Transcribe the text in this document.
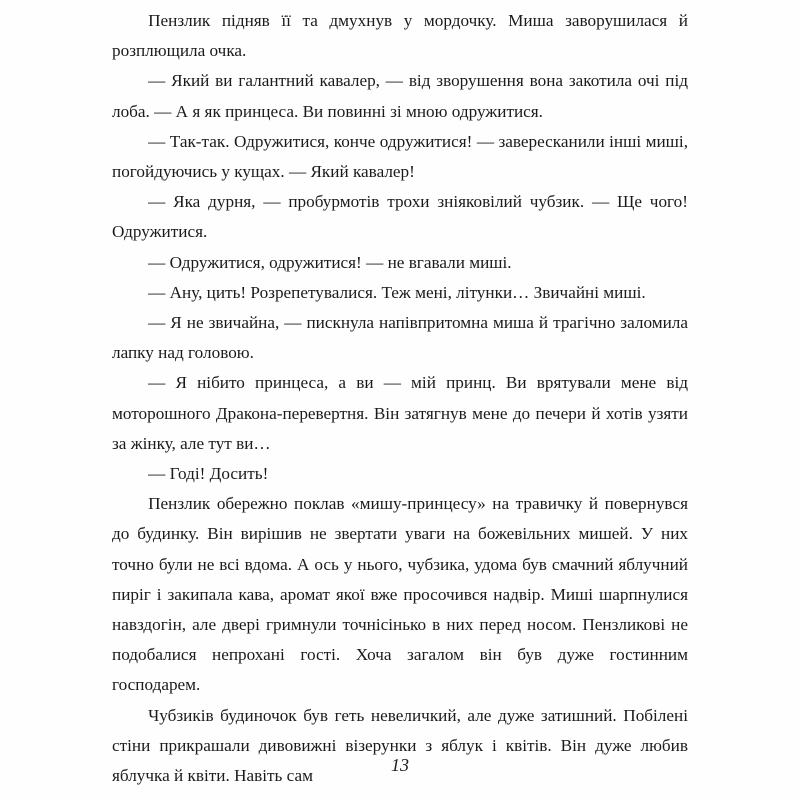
Пензлик підняв її та дмухнув у мордочку. Миша заворушилася й розплющила очка.

— Який ви галантний кавалер, — від зворушення вона закотила очі під лоба. — А я як принцеса. Ви повинні зі мною одружитися.

— Так-так. Одружитися, конче одружитися! — завересканили інші миші, погойдуючись у кущах. — Який кавалер!

— Яка дурня, — пробурмотів трохи зніяковілий чубзик. — Ще чого! Одружитися.

— Одружитися, одружитися! — не вгавали миші.

— Ану, цить! Розрепетувалися. Теж мені, літунки… Звичайні миші.

— Я не звичайна, — пискнула напівпритомна миша й трагічно заломила лапку над головою.

— Я нібито принцеса, а ви — мій принц. Ви врятували мене від моторошного Дракона-перевертня. Він затягнув мене до печери й хотів узяти за жінку, але тут ви…

— Годі! Досить!

Пензлик обережно поклав «мишу-принцесу» на травичку й повернувся до будинку. Він вирішив не звертати уваги на божевільних мишей. У них точно були не всі вдома. А ось у нього, чубзика, удома був смачний яблучний пиріг і закипала кава, аромат якої вже просочився надвір. Миші шарпнулися навздогін, але двері гримнули точнісінько в них перед носом. Пензликові не подобалися непрохані гості. Хоча загалом він був дуже гостинним господарем.

Чубзиків будиночок був геть невеличкий, але дуже затишний. Побілені стіни прикрашали дивовижні візерунки з яблук і квітів. Він дуже любив яблучка й квіти. Навіть сам

13
